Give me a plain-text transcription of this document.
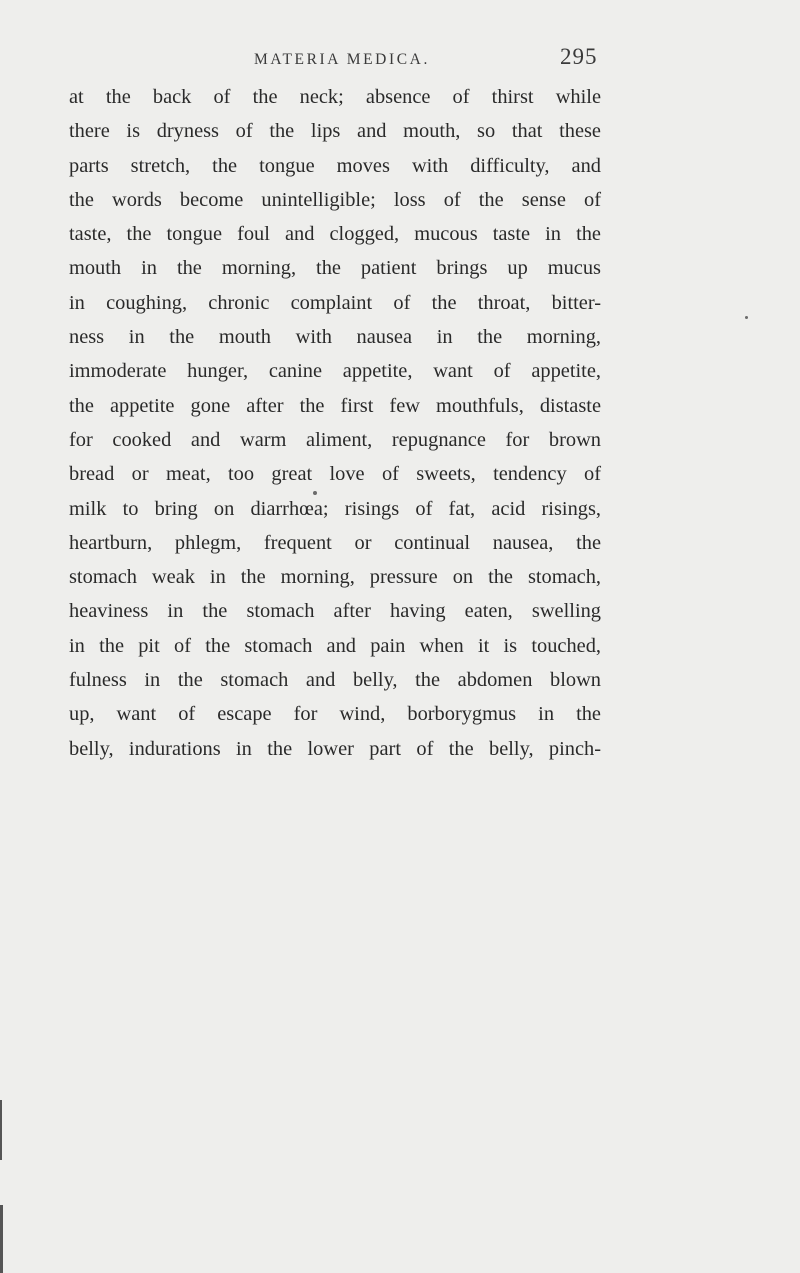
MATERIA MEDICA.	295
at the back of the neck; absence of thirst while
there is dryness of the lips and mouth, so that these
parts stretch, the tongue moves with difficulty, and
the words become unintelligible; loss of the sense of
taste, the tongue foul and clogged, mucous taste in the
mouth in the morning, the patient brings up mucus
in coughing, chronic complaint of the throat, bitter-
ness in the mouth with nausea in the morning,
immoderate hunger, canine appetite, want of appetite,
the appetite gone after the first few mouthfuls, distaste
for cooked and warm aliment, repugnance for brown
bread or meat, too great love of sweets, tendency of
milk to bring on diarrhœa; risings of fat, acid risings,
heartburn, phlegm, frequent or continual nausea, the
stomach weak in the morning, pressure on the stomach,
heaviness in the stomach after having eaten, swelling
in the pit of the stomach and pain when it is touched,
fulness in the stomach and belly, the abdomen blown
up, want of escape for wind, borborygmus in the
belly, indurations in the lower part of the belly, pinch-
